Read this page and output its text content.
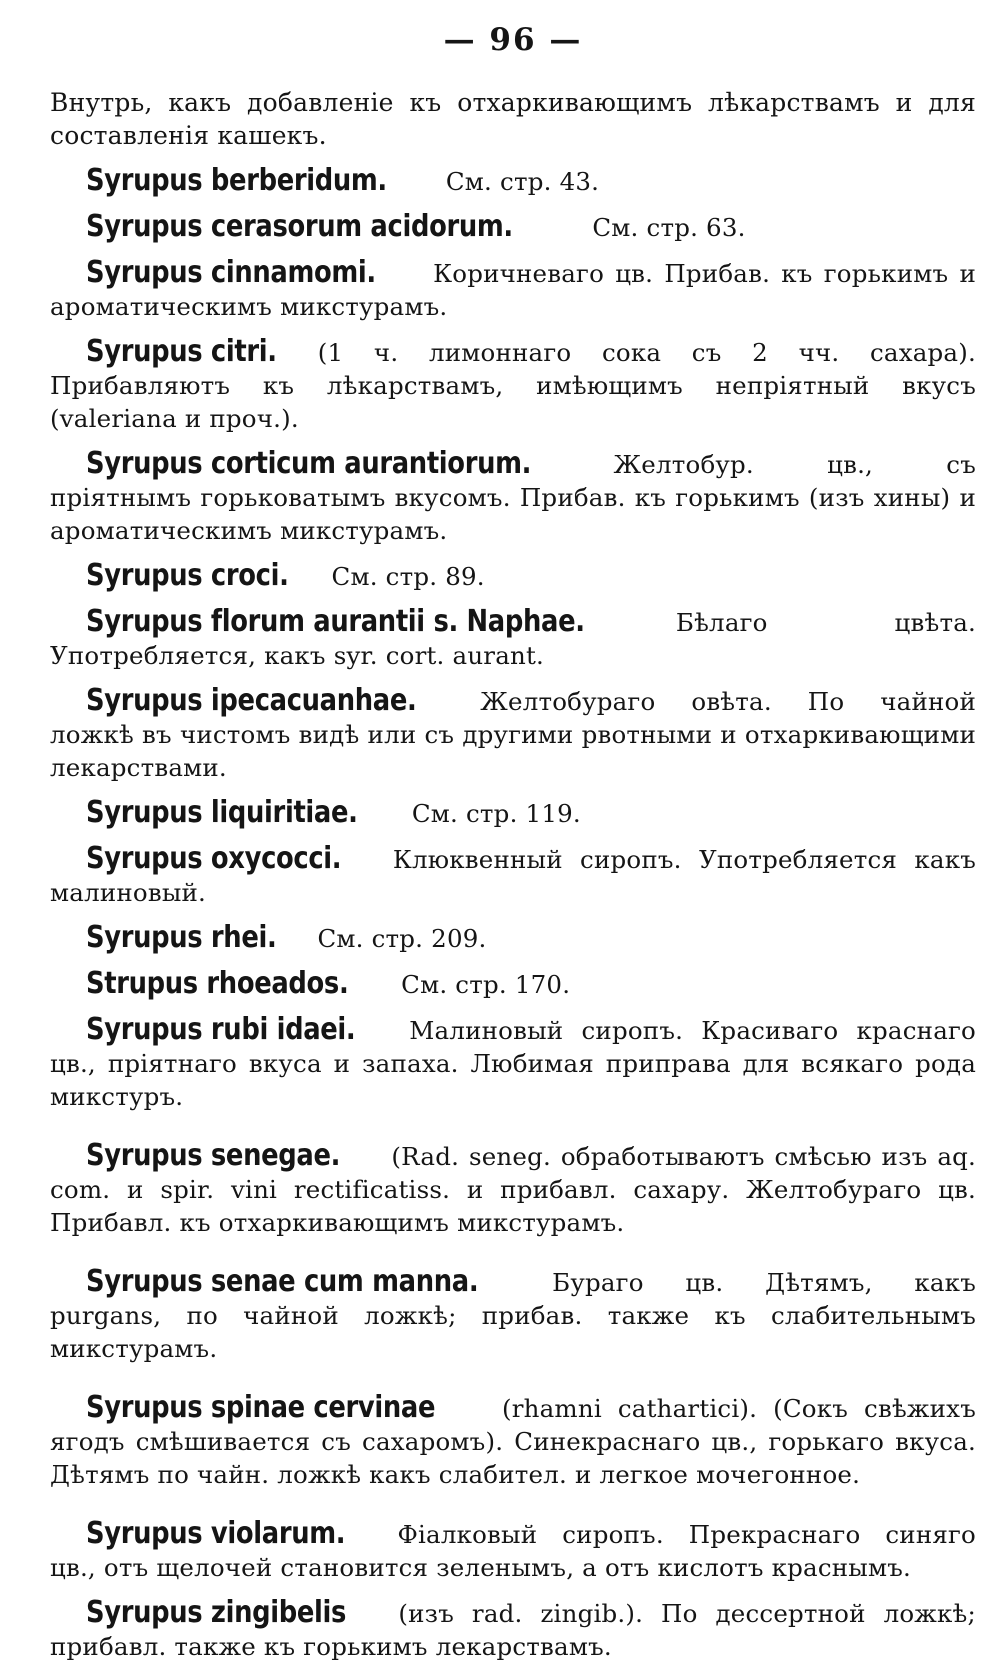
— 96 —

Внутрь, какъ добавленіе къ отхаркивающимъ лѣкарствамъ и для составленія кашекъ.

Syrupus berberidum. См. стр. 43.

Syrupus cerasorum acidorum.	См. стр. 63.

Syrupus cinnamomi. Коричневаго цв. Прибав. къ горькимъ и ароматическимъ микстурамъ.

Syrupus citri. (1 ч. лимоннаго сока съ 2 чч. сахара). Прибавляютъ къ лѣкарствамъ, имѣющимъ непріятный вкусъ (valeriana и проч.).

Syrupus corticum aurantiorum.	Желтобур. цв., съ пріятнымъ горьковатымъ вкусомъ. Прибав. къ горькимъ (изъ хины) и ароматическимъ микстурамъ.

Syrupus croci. См. стр. 89.

Syrupus florum aurantii s. Naphae.	Бѣлаго цвѣта. Употребляется, какъ syr. cort. aurant.

Syrupus ipecacuanhae.	Желтобураго овѣта. По чайной ложкѣ въ чистомъ видѣ или съ другими рвотными и отхаркивающими лекарствами.

Syrupus liquiritiae. См. стр. 119.

Syrupus oxycocci. Клюквенный сиропъ. Употребляется какъ малиновый.

Syrupus rhei. См. стр. 209.

Strupus rhoeados. См. стр. 170.

Syrupus rubi idaei. Малиновый сиропъ. Красиваго краснаго цв., пріятнаго вкуса и запаха. Любимая приправа для всякаго рода микстуръ.

Syrupus senegae. (Rad. seneg. обработываютъ смѣсью изъ aq. com. и spir. vini rectificatiss. и прибавл. сахару. Желтобураго цв. Прибавл. къ отхаркивающимъ микстурамъ.

Syrupus senae cum manna.	Бураго цв. Дѣтямъ, какъ purgans, по чайной ложкѣ; прибав. также къ слабительнымъ микстурамъ.

Syrupus spinae cervinae	(rhamni cathartici). (Сокъ свѣжихъ ягодъ смѣшивается съ сахаромъ). Синекраснаго цв., горькаго вкуса. Дѣтямъ по чайн. ложкѣ какъ слабител. и легкое мочегонное.

Syrupus violarum. Фіалковый сиропъ. Прекраснаго синяго цв., отъ щелочей становится зеленымъ, а отъ кислотъ краснымъ.

Syrupus zingibelis (изъ rad. zingib.). По дессертной ложкѣ; прибавл. также къ горькимъ лекарствамъ.
